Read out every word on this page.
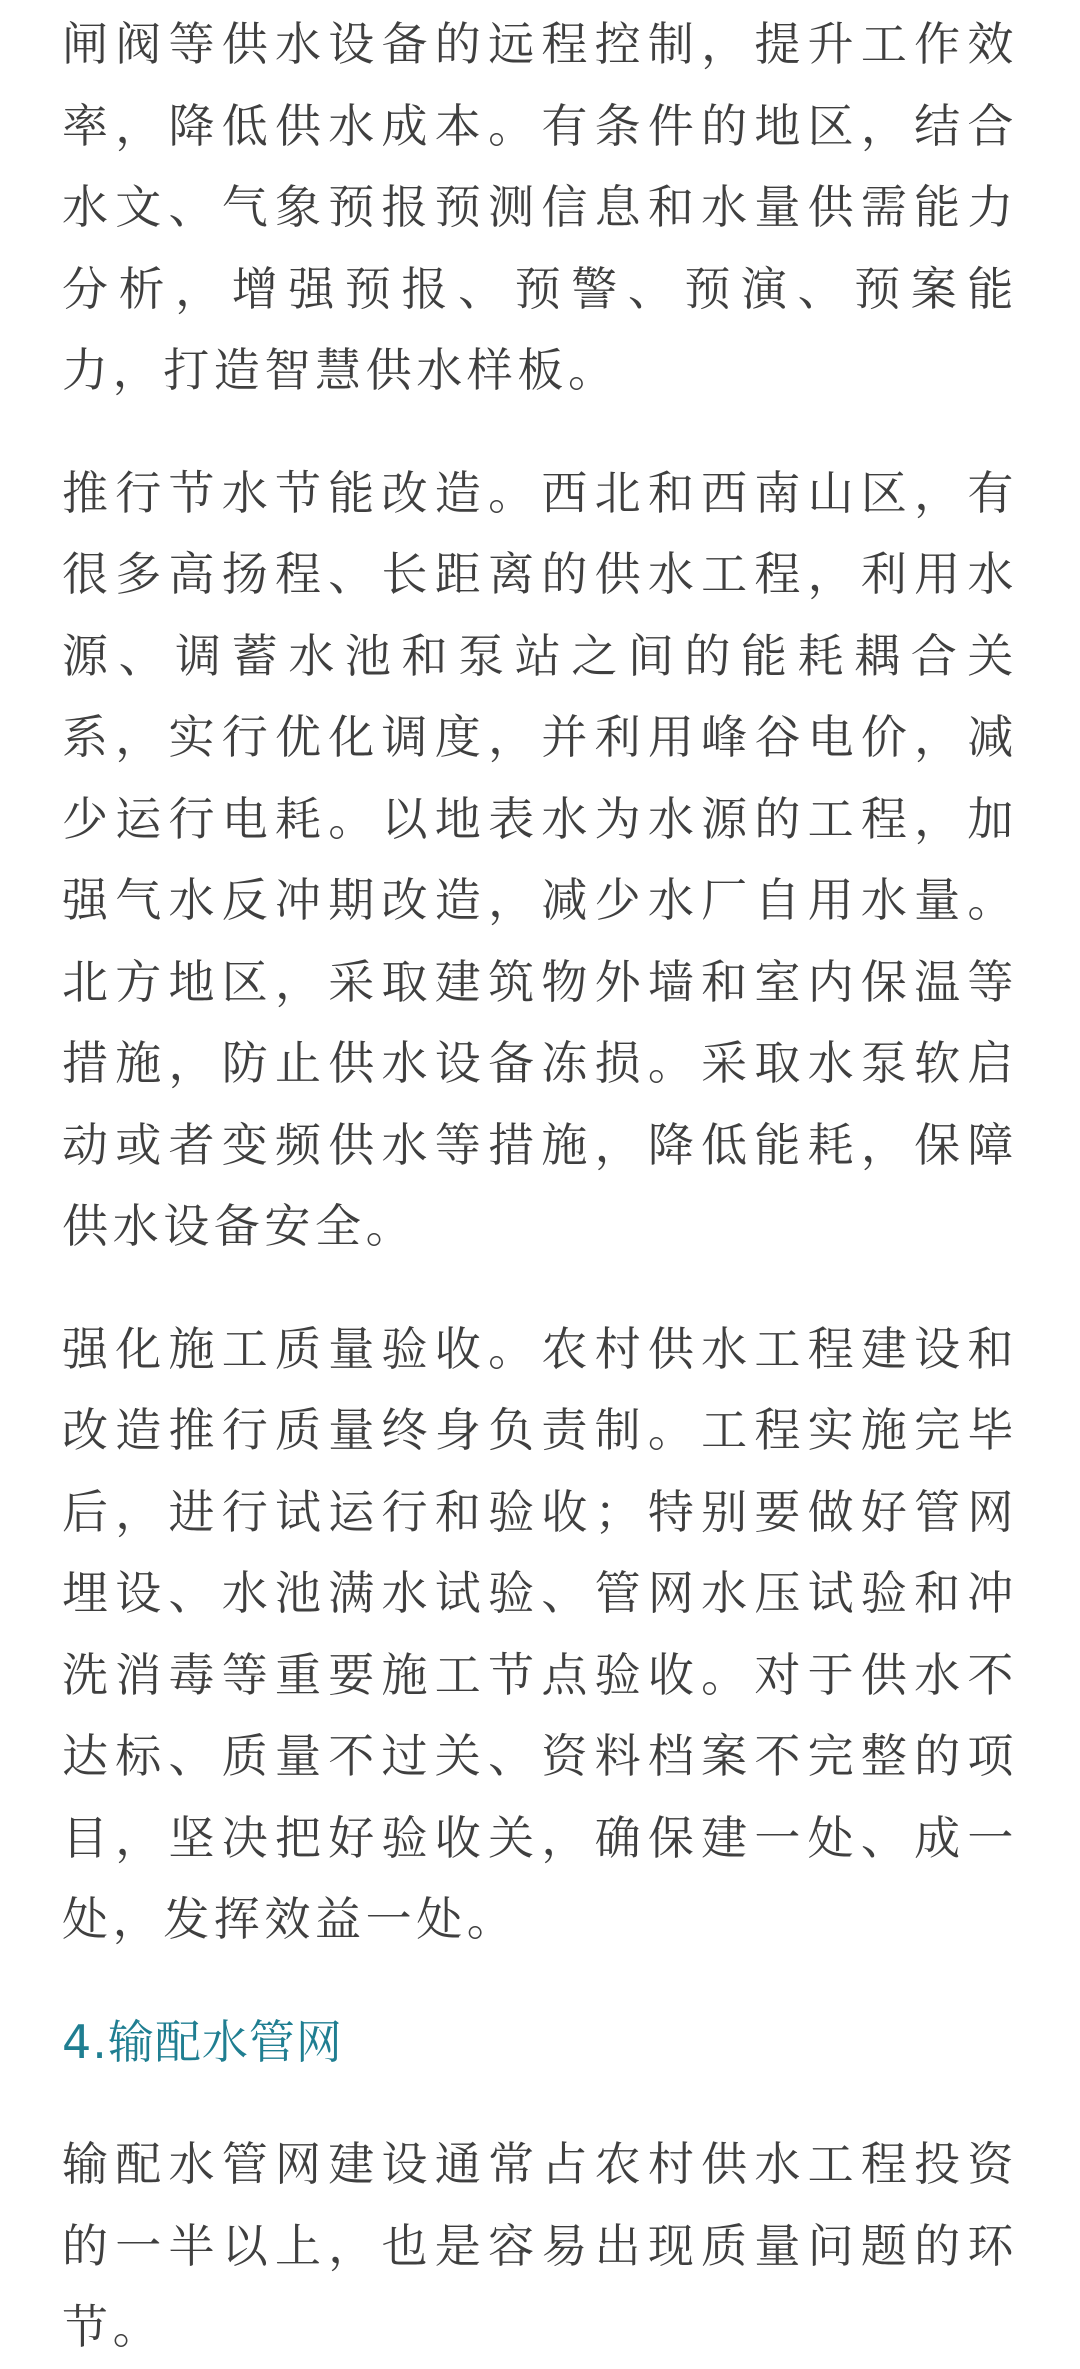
闸阀等供水设备的远程控制，提升工作效率，降低供水成本。有条件的地区，结合水文、气象预报预测信息和水量供需能力分析，增强预报、预警、预演、预案能力，打造智慧供水样板。

推行节水节能改造。西北和西南山区，有很多高扬程、长距离的供水工程，利用水源、调蓄水池和泵站之间的能耗耦合关系，实行优化调度，并利用峰谷电价，减少运行电耗。以地表水为水源的工程，加强气水反冲期改造，减少水厂自用水量。北方地区，采取建筑物外墙和室内保温等措施，防止供水设备冻损。采取水泵软启动或者变频供水等措施，降低能耗，保障供水设备安全。

强化施工质量验收。农村供水工程建设和改造推行质量终身负责制。工程实施完毕后，进行试运行和验收；特别要做好管网埋设、水池满水试验、管网水压试验和冲洗消毒等重要施工节点验收。对于供水不达标、质量不过关、资料档案不完整的项目，坚决把好验收关，确保建一处、成一处，发挥效益一处。

4.输配水管网

输配水管网建设通常占农村供水工程投资的一半以上，也是容易出现质量问题的环节。
